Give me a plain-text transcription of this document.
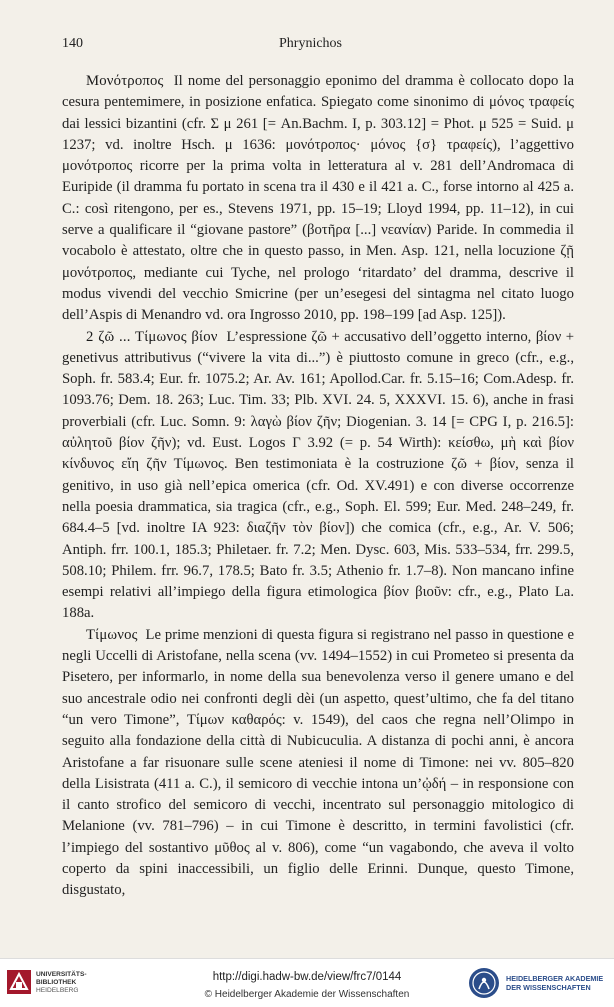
140	Phrynichos

Μονότροπος Il nome del personaggio eponimo del dramma è collocato dopo la cesura pentemimere, in posizione enfatica. Spiegato come sinonimo di μόνος τραφείς dai lessici bizantini (cfr. Σ μ 261 [= An.Bachm. I, p. 303.12] = Phot. μ 525 = Suid. μ 1237; vd. inoltre Hsch. μ 1636: μονότροπος· μόνος {σ} τραφείς), l’aggettivo μονότροπος ricorre per la prima volta in letteratura al v. 281 dell’Andromaca di Euripide (il dramma fu portato in scena tra il 430 e il 421 a. C., forse intorno al 425 a. C.: così ritengono, per es., Stevens 1971, pp. 15–19; Lloyd 1994, pp. 11–12), in cui serve a qualificare il “giovane pastore” (βοτῆρα [...] νεανίαν) Paride. In commedia il vocabolo è attestato, oltre che in questo passo, in Men. Asp. 121, nella locuzione ζῇ μονότροπος, mediante cui Tyche, nel prologo ‘ritardato’ del dramma, descrive il modus vivendi del vecchio Smicrine (per un’esegesi del sintagma nel citato luogo dell’Aspis di Menandro vd. ora Ingrosso 2010, pp. 198–199 [ad Asp. 125]).

2 ζῶ ... Τίμωνος βίον L’espressione ζῶ + accusativo dell’oggetto interno, βίον + genetivus attributivus (“vivere la vita di...”) è piuttosto comune in greco (cfr., e.g., Soph. fr. 583.4; Eur. fr. 1075.2; Ar. Av. 161; Apollod.Car. fr. 5.15–16; Com.Adesp. fr. 1093.76; Dem. 18. 263; Luc. Tim. 33; Plb. XVI. 24. 5, XXXVI. 15. 6), anche in frasi proverbiali (cfr. Luc. Somn. 9: λαγὼ βίον ζῆν; Diogenian. 3. 14 [= CPG I, p. 216.5]: αὐλητοῦ βίον ζῆν); vd. Eust. Logos Γ 3.92 (= p. 54 Wirth): κείσθω, μὴ καὶ βίον κίνδυνος εἴη ζῆν Τίμωνος. Ben testimoniata è la costruzione ζῶ + βίον, senza il genitivo, in uso già nell’epica omerica (cfr. Od. XV.491) e con diverse occorrenze nella poesia drammatica, sia tragica (cfr., e.g., Soph. El. 599; Eur. Med. 248–249, fr. 684.4–5 [vd. inoltre IA 923: διαζῆν τὸν βίον]) che comica (cfr., e.g., Ar. V. 506; Antiph. frr. 100.1, 185.3; Philetaer. fr. 7.2; Men. Dysc. 603, Mis. 533–534, frr. 299.5, 508.10; Philem. frr. 96.7, 178.5; Bato fr. 3.5; Athenio fr. 1.7–8). Non mancano infine esempi relativi all’impiego della figura etimologica βίον βιοῦν: cfr., e.g., Plato La. 188a.

Τίμωνος Le prime menzioni di questa figura si registrano nel passo in questione e negli Uccelli di Aristofane, nella scena (vv. 1494–1552) in cui Prometeo si presenta da Pisetero, per informarlo, in nome della sua benevolenza verso il genere umano e del suo ancestrale odio nei confronti degli dèi (un aspetto, quest’ultimo, che fa del titano “un vero Timone”, Τίμων καθαρός: v. 1549), del caos che regna nell’Olimpo in seguito alla fondazione della città di Nubicuculia. A distanza di pochi anni, è ancora Aristofane a far risuonare sulle scene ateniesi il nome di Timone: nei vv. 805–820 della Lisistrata (411 a. C.), il semicoro di vecchie intona un’ᾠδή – in responsione con il canto strofico del semicoro di vecchi, incentrato sul personaggio mitologico di Melanione (vv. 781–796) – in cui Timone è descritto, in termini favolistici (cfr. l’impiego del sostantivo μῦθος al v. 806), come “un vagabondo, che aveva il volto coperto da spini inaccessibili, un figlio delle Erinni. Dunque, questo Timone, disgustato,

UNIVERSITÄTS-
BIBLIOTHEK
HEIDELBERG
http://digi.hadw-bw.de/view/frc7/0144
© Heidelberger Akademie der Wissenschaften
HEIDELBERGER AKADEMIE
DER WISSENSCHAFTEN
